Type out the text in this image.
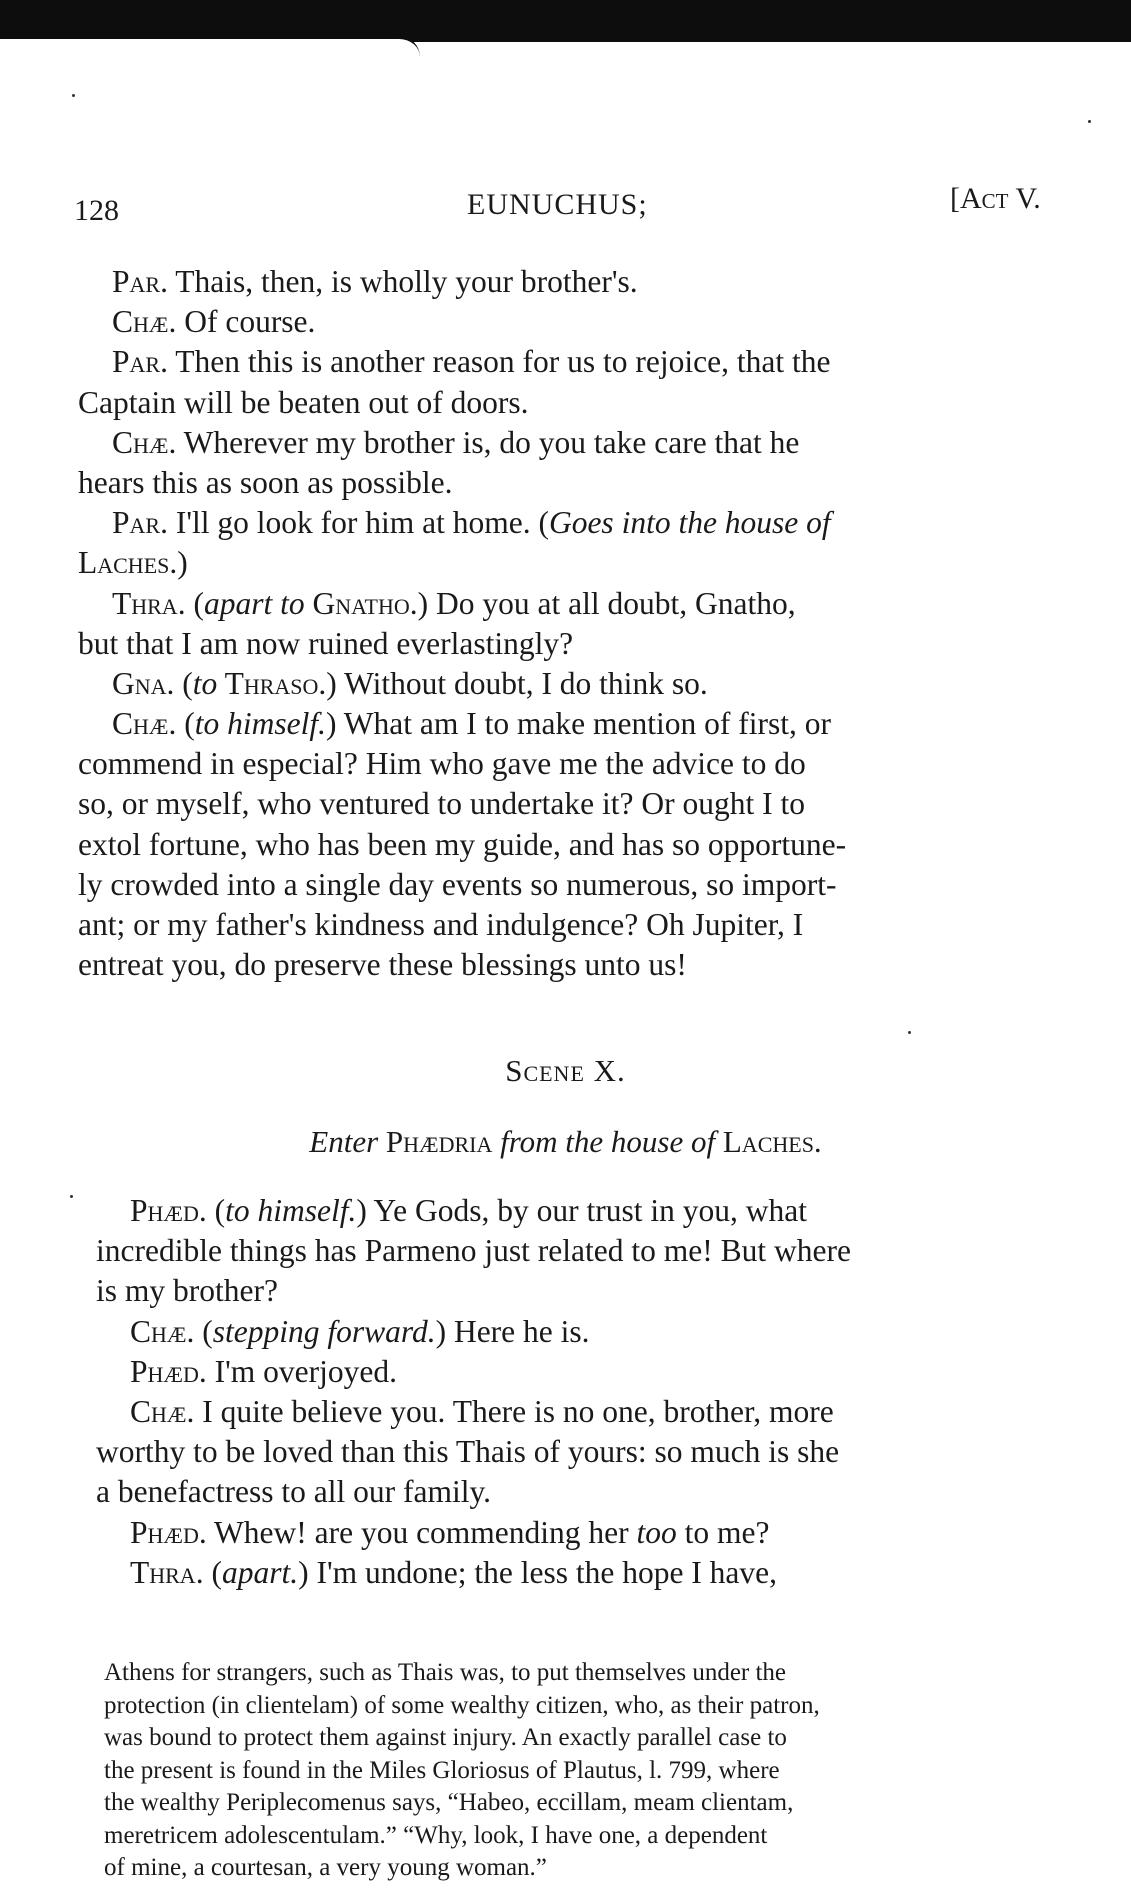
128	EUNUCHUS;	[Act V.
Par. Thais, then, is wholly your brother's.
Chæ. Of course.
Par. Then this is another reason for us to rejoice, that the
Captain will be beaten out of doors.
Chæ. Wherever my brother is, do you take care that he
hears this as soon as possible.
Par. I'll go look for him at home. (Goes into the house of
Laches.)
Thra. (apart to Gnatho.) Do you at all doubt, Gnatho,
but that I am now ruined everlastingly?
Gna. (to Thraso.) Without doubt, I do think so.
Chæ. (to himself.) What am I to make mention of first, or
commend in especial? Him who gave me the advice to do
so, or myself, who ventured to undertake it? Or ought I to
extol fortune, who has been my guide, and has so opportune-
ly crowded into a single day events so numerous, so import-
ant; or my father's kindness and indulgence? Oh Jupiter, I
entreat you, do preserve these blessings unto us!
Scene X.
Enter Phædria from the house of Laches.
Phæd. (to himself.) Ye Gods, by our trust in you, what
incredible things has Parmeno just related to me! But where
is my brother?
Chæ. (stepping forward.) Here he is.
Phæd. I'm overjoyed.
Chæ. I quite believe you. There is no one, brother, more
worthy to be loved than this Thais of yours: so much is she
a benefactress to all our family.
Phæd. Whew! are you commending her too to me?
Thra. (apart.) I'm undone; the less the hope I have,
Athens for strangers, such as Thais was, to put themselves under the
protection (in clientelam) of some wealthy citizen, who, as their patron,
was bound to protect them against injury. An exactly parallel case to
the present is found in the Miles Gloriosus of Plautus, l. 799, where
the wealthy Periplecomenus says, “Habeo, eccillam, meam clientam,
meretricem adolescentulam.” “Why, look, I have one, a dependent
of mine, a courtesan, a very young woman.”
